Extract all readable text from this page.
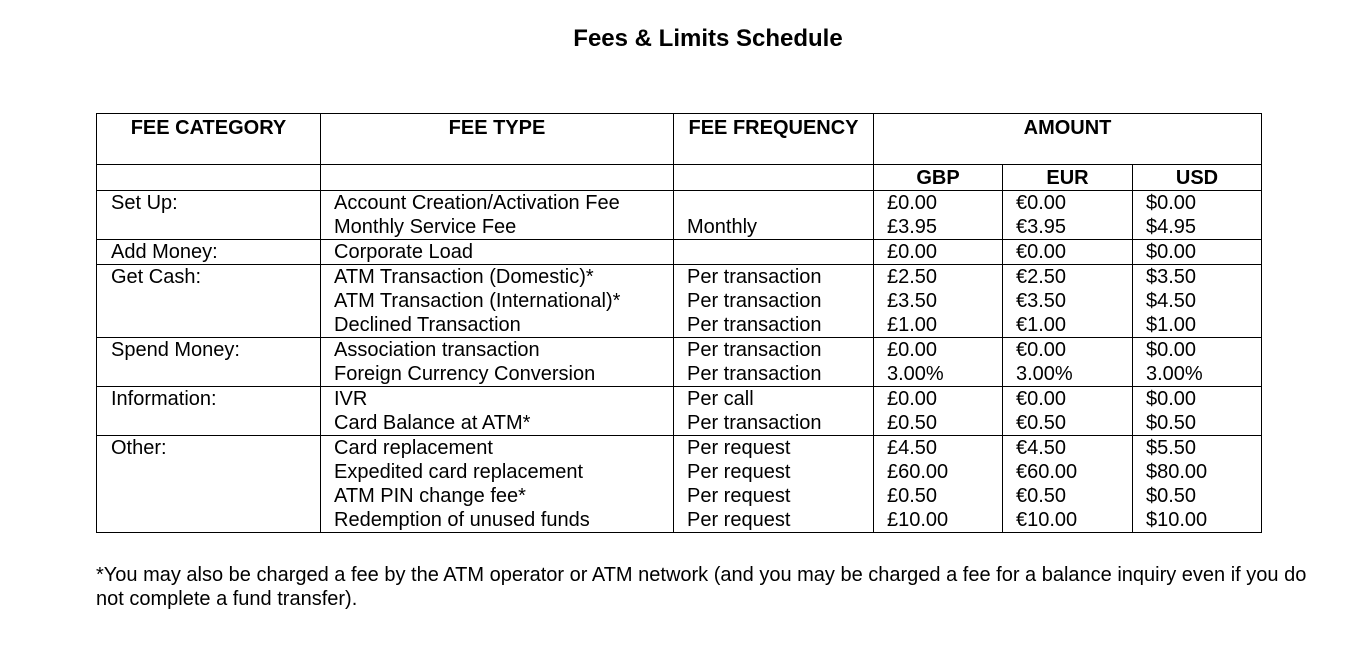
Fees & Limits Schedule
FEE CATEGORY	FEE TYPE	FEE FREQUENCY	AMOUNT		
			GBP	EUR	USD
Set Up:	Account Creation/Activation Fee		£0.00	€0.00	$0.00
	Monthly Service Fee	Monthly	£3.95	€3.95	$4.95
Add Money:	Corporate Load		£0.00	€0.00	$0.00
Get Cash:	ATM Transaction (Domestic)*	Per transaction	£2.50	€2.50	$3.50
	ATM Transaction (International)*	Per transaction	£3.50	€3.50	$4.50
	Declined Transaction	Per transaction	£1.00	€1.00	$1.00
Spend Money:	Association transaction	Per transaction	£0.00	€0.00	$0.00
	Foreign Currency Conversion	Per transaction	3.00%	3.00%	3.00%
Information:	IVR	Per call	£0.00	€0.00	$0.00
	Card Balance at ATM*	Per transaction	£0.50	€0.50	$0.50
Other:	Card replacement	Per request	£4.50	€4.50	$5.50
	Expedited card replacement	Per request	£60.00	€60.00	$80.00
	ATM PIN change fee*	Per request	£0.50	€0.50	$0.50
	Redemption of unused funds	Per request	£10.00	€10.00	$10.00
*You may also be charged a fee by the ATM operator or ATM network (and you may be charged a fee for a balance inquiry even if you do not complete a fund transfer).
